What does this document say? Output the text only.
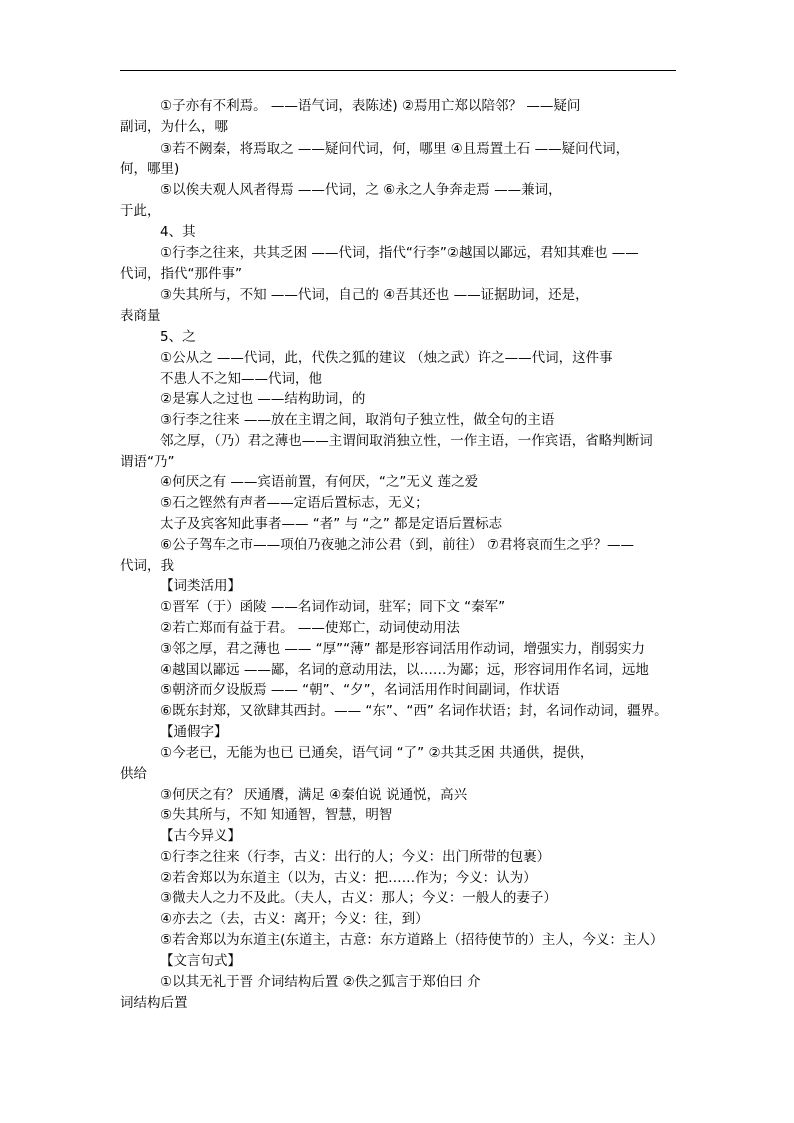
①子亦有不利焉。 ——语气词，表陈述) ②焉用亡郑以陪邻？ ——疑问
副词，为什么，哪
③若不阙秦，将焉取之 ——疑问代词，何，哪里 ④且焉置土石 ——疑问代词，
何，哪里)
⑤以俟夫观人风者得焉 ——代词，之 ⑥永之人争奔走焉 ——兼词，
于此，
4、其
①行李之往来，共其乏困 ——代词，指代“行李”②越国以鄙远，君知其难也 ——
代词，指代“那件事”
③失其所与，不知 ——代词，自己的 ④吾其还也 ——证据助词，还是，
表商量
5、之
①公从之 ——代词，此，代佚之狐的建议 （烛之武）许之——代词，这件事
不患人不之知——代词，他
②是寡人之过也 ——结构助词，的
③行李之往来 ——放在主谓之间，取消句子独立性，做全句的主语
邻之厚，（乃）君之薄也——主谓间取消独立性，一作主语，一作宾语，省略判断词
谓语“乃”
④何厌之有 ——宾语前置，有何厌，“之”无义 莲之爱
⑤石之铿然有声者——定语后置标志，无义；
太子及宾客知此事者—— “者” 与 “之” 都是定语后置标志
⑥公子驾车之市——项伯乃夜驰之沛公君（到，前往） ⑦君将哀而生之乎？——
代词，我
【词类活用】
①晋军（于）函陵 ——名词作动词，驻军；同下文 “秦军”
②若亡郑而有益于君。 ——使郑亡，动词使动用法
③邻之厚，君之薄也 —— “厚”“薄” 都是形容词活用作动词，增强实力，削弱实力
④越国以鄙远 ——鄙，名词的意动用法，以……为鄙；远，形容词用作名词，远地
⑤朝济而夕设版焉 —— “朝”、“夕”，名词活用作时间副词，作状语
⑥既东封郑，又欲肆其西封。—— “东”、“西” 名词作状语；封，名词作动词，疆界。
【通假字】
①今老已，无能为也已 已通矣，语气词 “了” ②共其乏困 共通供，提供，
供给
③何厌之有？ 厌通餍，满足 ④秦伯说 说通悦，高兴
⑤失其所与，不知 知通智，智慧，明智
【古今异义】
①行李之往来（行李，古义：出行的人；今义：出门所带的包裹）
②若舍郑以为东道主（以为，古义：把……作为；今义：认为）
③微夫人之力不及此。（夫人，古义：那人；今义：一般人的妻子）
④亦去之（去，古义：离开；今义：往，到）
⑤若舍郑以为东道主(东道主，古意：东方道路上（招待使节的）主人，今义：主人）
【文言句式】
①以其无礼于晋 介词结构后置 ②佚之狐言于郑伯曰 介
词结构后置
